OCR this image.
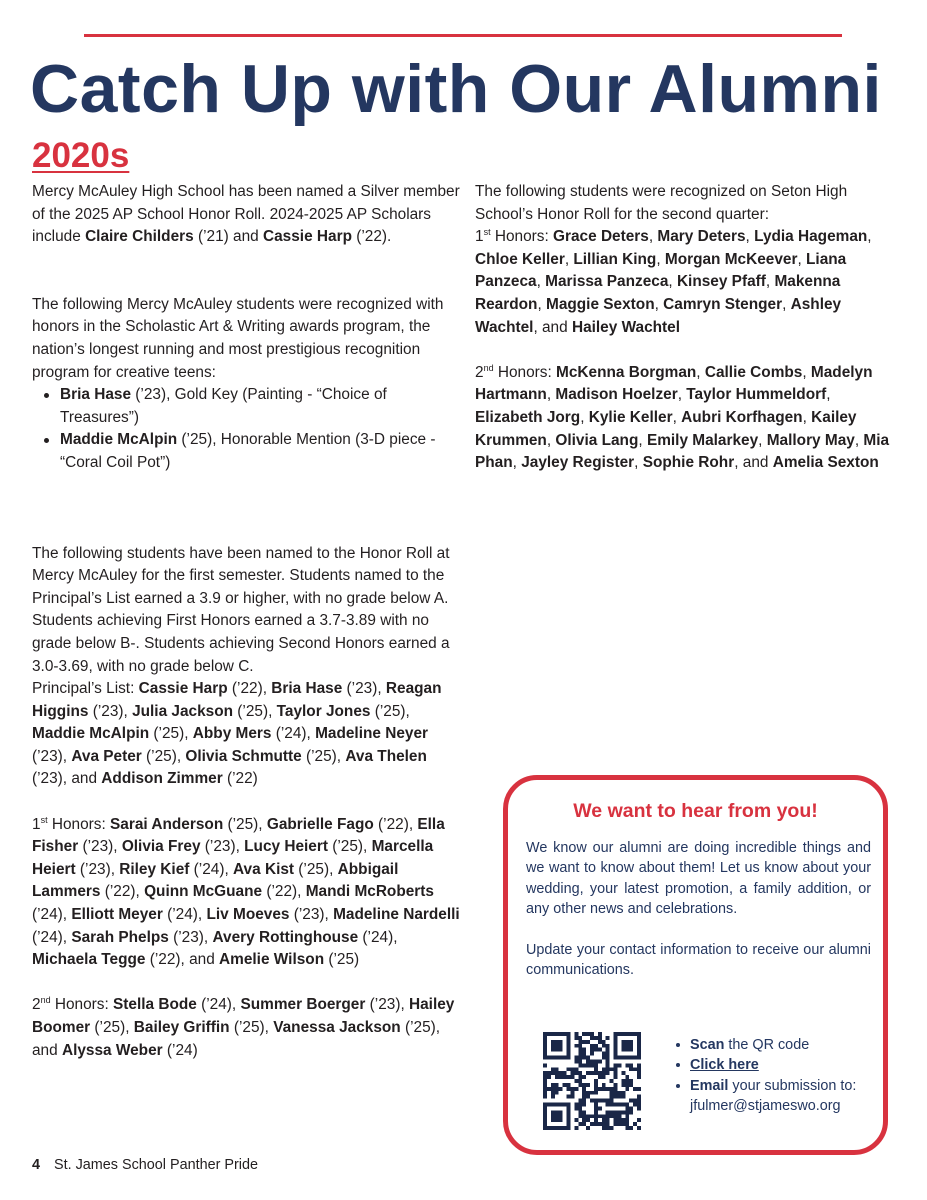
Catch Up with Our Alumni
2020s

Mercy McAuley High School has been named a Silver member of the 2025 AP School Honor Roll. 2024-2025 AP Scholars include Claire Childers (’21) and Cassie Harp (’22).

The following Mercy McAuley students were recognized with honors in the Scholastic Art & Writing awards program, the nation’s longest running and most prestigious recognition program for creative teens:

Bria Hase (’23), Gold Key (Painting - “Choice of Treasures”)
Maddie McAlpin (’25), Honorable Mention (3-D piece - “Coral Coil Pot”)

The following students have been named to the Honor Roll at Mercy McAuley for the first semester. Students named to the Principal’s List earned a 3.9 or higher, with no grade below A. Students achieving First Honors earned a 3.7-3.89 with no grade below B-. Students achieving Second Honors earned a 3.0-3.69, with no grade below C.

Principal’s List: Cassie Harp (’22), Bria Hase (’23), Reagan Higgins (’23), Julia Jackson (’25), Taylor Jones (’25), Maddie McAlpin (’25), Abby Mers (’24), Madeline Neyer (’23), Ava Peter (’25), Olivia Schmutte (’25), Ava Thelen (’23), and Addison Zimmer (’22)

1st Honors: Sarai Anderson (’25), Gabrielle Fago (’22), Ella Fisher (’23), Olivia Frey (’23), Lucy Heiert (’25), Marcella Heiert (’23), Riley Kief (’24), Ava Kist (’25), Abbigail Lammers (’22), Quinn McGuane (’22), Mandi McRoberts (’24), Elliott Meyer (’24), Liv Moeves (’23), Madeline Nardelli (’24), Sarah Phelps (’23), Avery Rottinghouse (’24), Michaela Tegge (’22), and Amelie Wilson (’25)

2nd Honors: Stella Bode (’24), Summer Boerger (’23), Hailey Boomer (’25), Bailey Griffin (’25), Vanessa Jackson (’25), and Alyssa Weber (’24)

The following students were recognized on Seton High School’s Honor Roll for the second quarter:

1st Honors: Grace Deters, Mary Deters, Lydia Hageman, Chloe Keller, Lillian King, Morgan McKeever, Liana Panzeca, Marissa Panzeca, Kinsey Pfaff, Makenna Reardon, Maggie Sexton, Camryn Stenger, Ashley Wachtel, and Hailey Wachtel

2nd Honors: McKenna Borgman, Callie Combs, Madelyn Hartmann, Madison Hoelzer, Taylor Hummeldorf, Elizabeth Jorg, Kylie Keller, Aubri Korfhagen, Kailey Krummen, Olivia Lang, Emily Malarkey, Mallory May, Mia Phan, Jayley Register, Sophie Rohr, and Amelia Sexton

We want to hear from you!

We know our alumni are doing incredible things and we want to know about them! Let us know about your wedding, your latest promotion, a family addition, or any other news and celebrations.

Update your contact information to receive our alumni communications.

Scan the QR code
Click here
Email your submission to:
jfulmer@stjameswo.org
4 St. James School Panther Pride
